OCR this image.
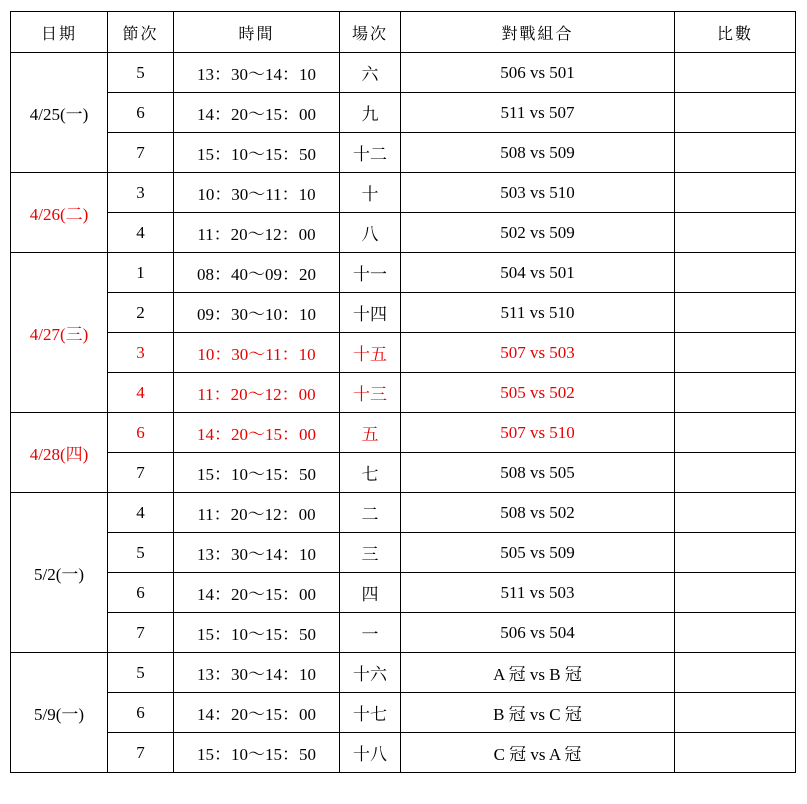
日期	節次	時間	場次	對戰組合	比數
4/25(一)	5	13：30～14：10	六	506 vs 501	
	6	14：20～15：00	九	511 vs 507	
	7	15：10～15：50	十二	508 vs 509	
4/26(二)	3	10：30～11：10	十	503 vs 510	
	4	11：20～12：00	八	502 vs 509	
4/27(三)	1	08：40～09：20	十一	504 vs 501	
	2	09：30～10：10	十四	511 vs 510	
	3	10：30～11：10	十五	507 vs 503	
	4	11：20～12：00	十三	505 vs 502	
4/28(四)	6	14：20～15：00	五	507 vs 510	
	7	15：10～15：50	七	508 vs 505	
5/2(一)	4	11：20～12：00	二	508 vs 502	
	5	13：30～14：10	三	505 vs 509	
	6	14：20～15：00	四	511 vs 503	
	7	15：10～15：50	一	506 vs 504	
5/9(一)	5	13：30～14：10	十六	A 冠 vs B 冠	
	6	14：20～15：00	十七	B 冠 vs C 冠	
	7	15：10～15：50	十八	C 冠 vs A 冠	
